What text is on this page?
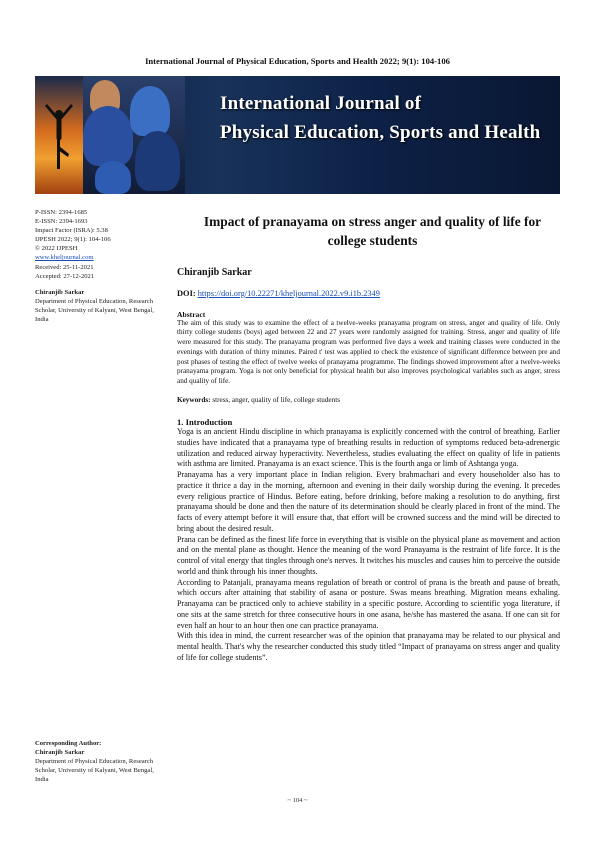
International Journal of Physical Education, Sports and Health 2022; 9(1): 104-106
International Journal of
Physical Education, Sports and Health
P-ISSN: 2394-1685
E-ISSN: 2394-1693
Impact Factor (ISRA): 5.38
IJPESH 2022; 9(1): 104-106
© 2022 IJPESH
www.kheljournal.com
Received: 25-11-2021
Accepted: 27-12-2021
Chiranjib Sarkar
Department of Physical Education, Research Scholar, University of Kalyani, West Bengal, India
Corresponding Author:
Chiranjib Sarkar
Department of Physical Education, Research Scholar, University of Kalyani, West Bengal, India
Impact of pranayama on stress anger and quality of life for college students
Chiranjib Sarkar
DOI: https://doi.org/10.22271/kheljournal.2022.v9.i1b.2349
Abstract
The aim of this study was to examine the effect of a twelve-weeks pranayama program on stress, anger and quality of life. Only thirty college students (boys) aged between 22 and 27 years were randomly assigned for training. Stress, anger and quality of life were measured for this study. The pranayama program was performed five days a week and training classes were conducted in the evenings with duration of thirty minutes. Paired t' test was applied to check the existence of significant difference between pre and post phases of testing the effect of twelve weeks of pranayama programme. The findings showed improvement after a twelve-weeks pranayama program. Yoga is not only beneficial for physical health but also improves psychological variables such as anger, stress and quality of life.
Keywords: stress, anger, quality of life, college students
1. Introduction
Yoga is an ancient Hindu discipline in which pranayama is explicitly concerned with the control of breathing. Earlier studies have indicated that a pranayama type of breathing results in reduction of symptoms reduced beta-adrenergic utilization and reduced airway hyperactivity. Nevertheless, studies evaluating the effect on quality of life in patients with asthma are limited. Pranayama is an exact science. This is the fourth anga or limb of Ashtanga yoga.
Pranayama has a very important place in Indian religion. Every brahmachari and every householder also has to practice it thrice a day in the morning, afternoon and evening in their daily worship during the evening. It precedes every religious practice of Hindus. Before eating, before drinking, before making a resolution to do anything, first pranayama should be done and then the nature of its determination should be clearly placed in front of the mind. The facts of every attempt before it will ensure that, that effort will be crowned success and the mind will be directed to bring about the desired result.
Prana can be defined as the finest life force in everything that is visible on the physical plane as movement and action and on the mental plane as thought. Hence the meaning of the word Pranayama is the restraint of life force. It is the control of vital energy that tingles through one's nerves. It twitches his muscles and causes him to perceive the outside world and think through his inner thoughts.
According to Patanjali, pranayama means regulation of breath or control of prana is the breath and pause of breath, which occurs after attaining that stability of asana or posture. Swas means breathing. Migration means exhaling. Pranayama can be practiced only to achieve stability in a specific posture. According to scientific yoga literature, if one sits at the same stretch for three consecutive hours in one asana, he/she has mastered the asana. If one can sit for even half an hour to an hour then one can practice pranayama.
With this idea in mind, the current researcher was of the opinion that pranayama may be related to our physical and mental health. That's why the researcher conducted this study titled “Impact of pranayama on stress anger and quality of life for college students”.
~ 104 ~
